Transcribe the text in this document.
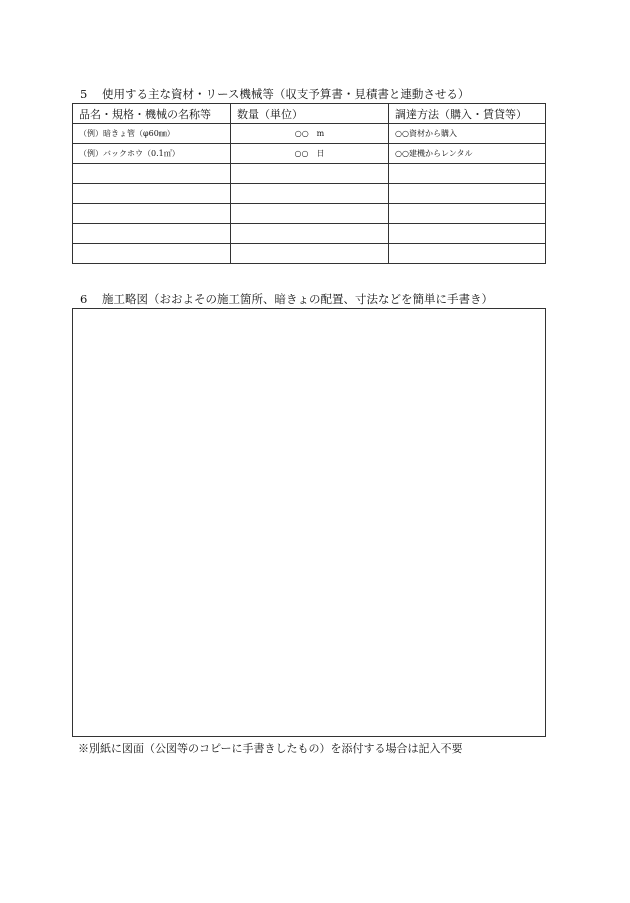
5 使用する主な資材・リース機械等（収支予算書・見積書と連動させる）
品名・規格・機械の名称等	数量（単位）	調達方法（購入・賃貸等）
（例）暗きょ管（φ60㎜）	○○　m	○○資材から購入
（例）バックホウ（0.1㎥）	○○　日	○○建機からレンタル

6 施工略図（おおよその施工箇所、暗きょの配置、寸法などを簡単に手書き）
※別紙に図面（公図等のコピーに手書きしたもの）を添付する場合は記入不要
